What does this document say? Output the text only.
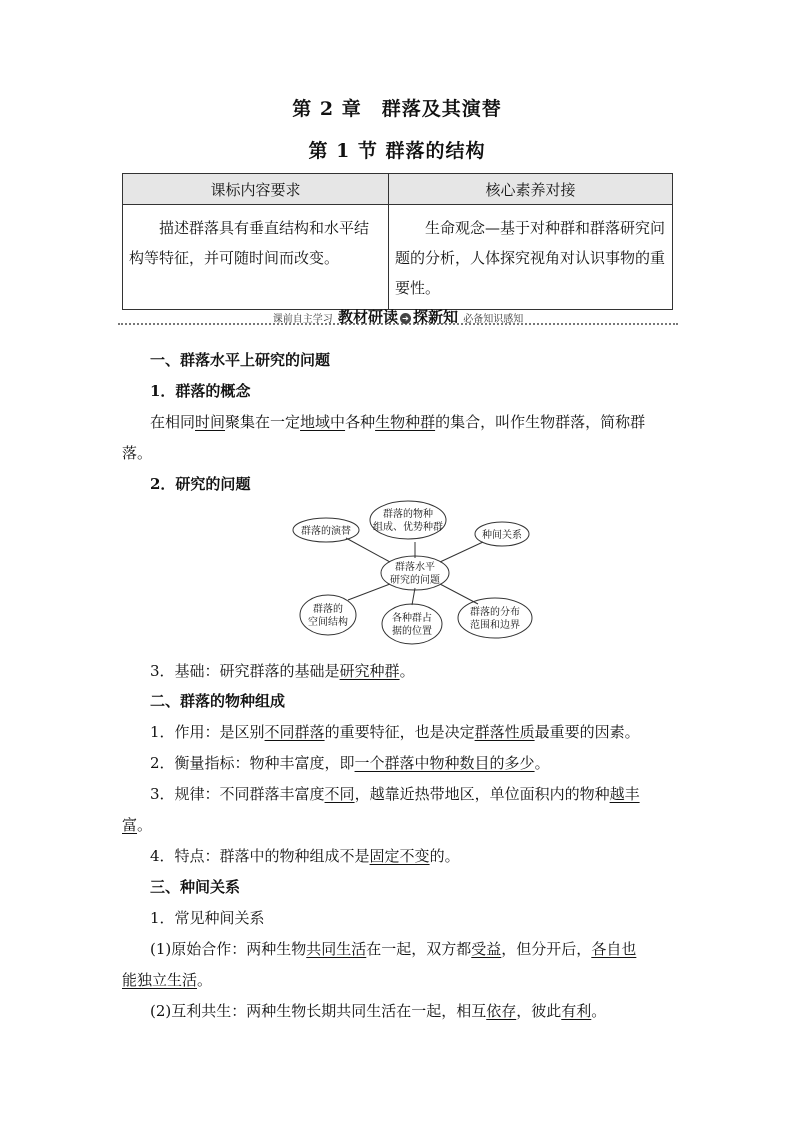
第 2 章　群落及其演替
第 1 节 群落的结构
课标内容要求	核心素养对接

描述群落具有垂直结构和水平结构等特征，并可随时间而改变。	生命观念—基于对种群和群落研究问题的分析，人体探究视角对认识事物的重要性。
课前自主学习 教材研读 ➔ 探新知 必备知识感知
一、群落水平上研究的问题
1．群落的概念
在相同时间聚集在一定地域中各种生物种群的集合，叫作生物群落，简称群
落。
2．研究的问题
群落水平
研究的问题
群落的演替
群落的物种
组成、优势种群
种间关系
群落的
空间结构	各种群占
据的位置
群落的分布
范围和边界
3．基础：研究群落的基础是研究种群。
二、群落的物种组成
1．作用：是区别不同群落的重要特征，也是决定群落性质最重要的因素。
2．衡量指标：物种丰富度，即一个群落中物种数目的多少。
3．规律：不同群落丰富度不同，越靠近热带地区，单位面积内的物种越丰
富。
4．特点：群落中的物种组成不是固定不变的。
三、种间关系
1．常见种间关系
(1)原始合作：两种生物共同生活在一起，双方都受益，但分开后，各自也
能独立生活。
(2)互利共生：两种生物长期共同生活在一起，相互依存，彼此有利。
